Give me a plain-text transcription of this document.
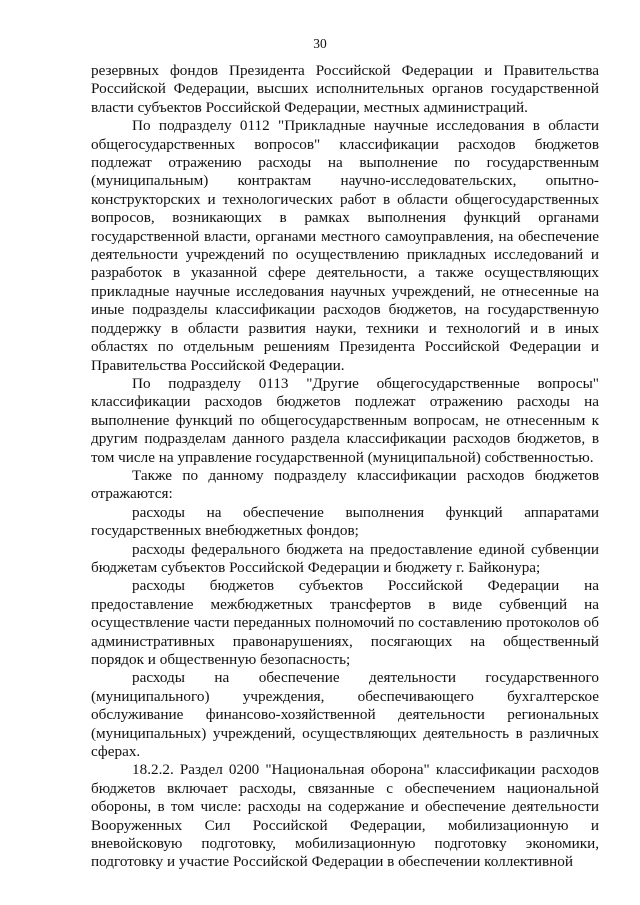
30

резервных фондов Президента Российской Федерации и Правительства Российской Федерации, высших исполнительных органов государственной власти субъектов Российской Федерации, местных администраций.

По подразделу 0112 "Прикладные научные исследования в области общегосударственных вопросов" классификации расходов бюджетов подлежат отражению расходы на выполнение по государственным (муниципальным) контрактам научно-исследовательских, опытно-конструкторских и технологических работ в области общегосударственных вопросов, возникающих в рамках выполнения функций органами государственной власти, органами местного самоуправления, на обеспечение деятельности учреждений по осуществлению прикладных исследований и разработок в указанной сфере деятельности, а также осуществляющих прикладные научные исследования научных учреждений, не отнесенные на иные подразделы классификации расходов бюджетов, на государственную поддержку в области развития науки, техники и технологий и в иных областях по отдельным решениям Президента Российской Федерации и Правительства Российской Федерации.

По подразделу 0113 "Другие общегосударственные вопросы" классификации расходов бюджетов подлежат отражению расходы на выполнение функций по общегосударственным вопросам, не отнесенным к другим подразделам данного раздела классификации расходов бюджетов, в том числе на управление государственной (муниципальной) собственностью.

Также по данному подразделу классификации расходов бюджетов отражаются:

расходы на обеспечение выполнения функций аппаратами государственных внебюджетных фондов;

расходы федерального бюджета на предоставление единой субвенции бюджетам субъектов Российской Федерации и бюджету г. Байконура;

расходы бюджетов субъектов Российской Федерации на предоставление межбюджетных трансфертов в виде субвенций на осуществление части переданных полномочий по составлению протоколов об административных правонарушениях, посягающих на общественный порядок и общественную безопасность;

расходы на обеспечение деятельности государственного (муниципального) учреждения, обеспечивающего бухгалтерское обслуживание финансово-хозяйственной деятельности региональных (муниципальных) учреждений, осуществляющих деятельность в различных сферах.

18.2.2. Раздел 0200 "Национальная оборона" классификации расходов бюджетов включает расходы, связанные с обеспечением национальной обороны, в том числе: расходы на содержание и обеспечение деятельности Вооруженных Сил Российской Федерации, мобилизационную и вневойсковую подготовку, мобилизационную подготовку экономики, подготовку и участие Российской Федерации в обеспечении коллективной
